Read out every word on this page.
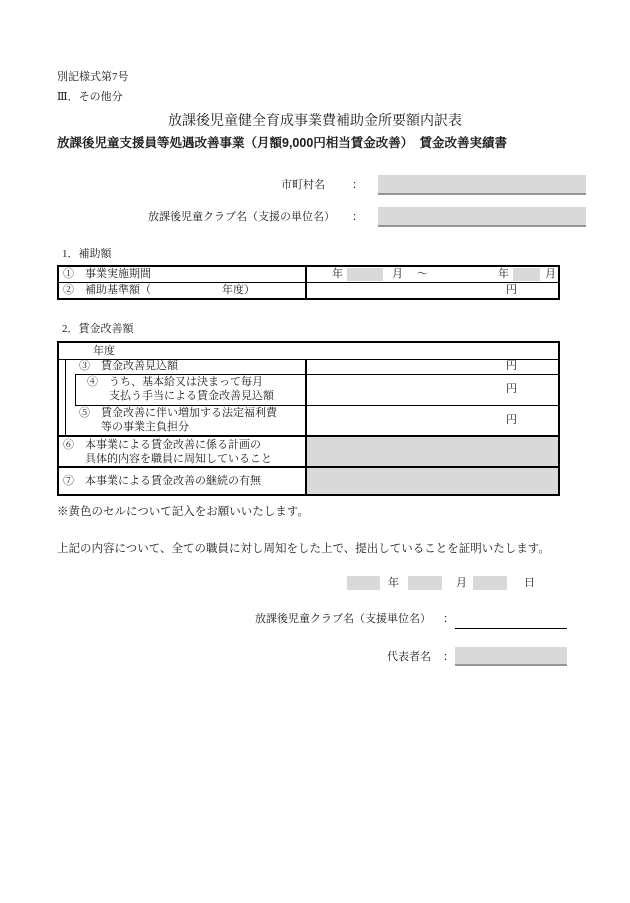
別記様式第7号
Ⅲ．その他分
放課後児童健全育成事業費補助金所要額内訳表
放課後児童支援員等処遇改善事業（月額9,000円相当賃金改善）　賃金改善実績書
市町村名 ：
放課後児童クラブ名（支援の単位名） ：
1．補助額
①　事業実施期間	年	月 ～	年	月
②　補助基準額（	年度）	円
2．賃金改善額
年度
③　賃金改善見込額	円
④　うち、基本給又は決まって毎月
支払う手当による賃金改善見込額
円
⑤　賃金改善に伴い増加する法定福利費
等の事業主負担分
円
⑥　本事業による賃金改善に係る計画の
具体的内容を職員に周知していること
⑦　本事業による賃金改善の継続の有無
※黄色のセルについて記入をお願いいたします。
上記の内容について、全ての職員に対し周知をした上で、提出していることを証明いたします。
年	月	日
放課後児童クラブ名（支援単位名） ：
代表者名 ：
